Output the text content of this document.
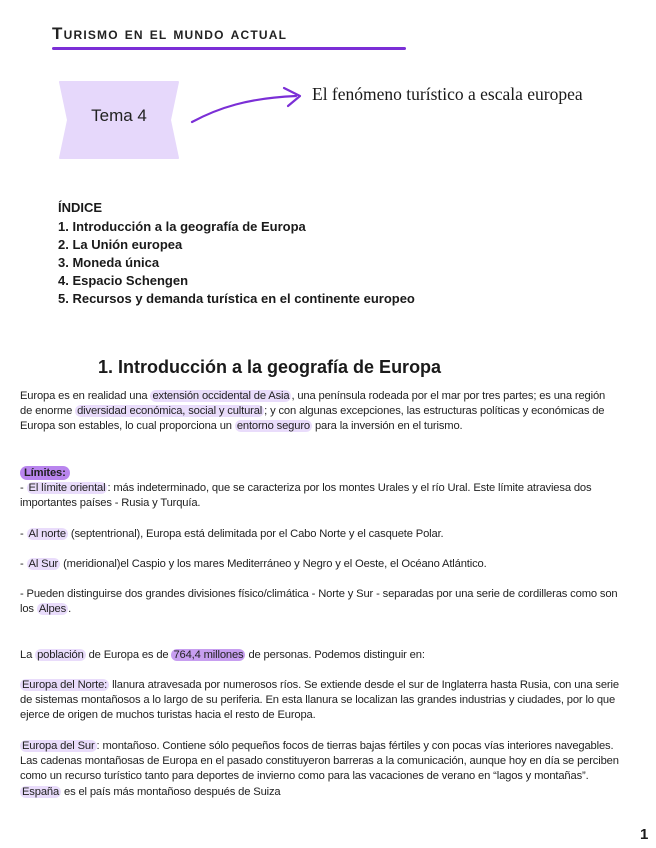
Turismo en el mundo actual
Tema 4
El fenómeno turístico a escala europea
ÍNDICE
1. Introducción a la geografía de Europa
2. La Unión europea
3. Moneda única
4. Espacio Schengen
5. Recursos y demanda turística en el continente europeo
1. Introducción a la geografía de Europa

Europa es en realidad una extensión occidental de Asia , una península rodeada por el mar por tres partes; es una región de enorme diversidad económica, social y cultural ; y con algunas excepciones, las estructuras políticas y económicas de Europa son estables, lo cual proporciona un entorno seguro para la inversión en el turismo.

Límites:
- El límite oriental : más indeterminado, que se caracteriza por los montes Urales y el río Ural. Este límite atraviesa dos importantes países - Rusia y Turquía.

- Al norte (septentrional), Europa está delimitada por el Cabo Norte y el casquete Polar.

- Al Sur (meridional)el Caspio y los mares Mediterráneo y Negro y el Oeste, el Océano Atlántico.

- Pueden distinguirse dos grandes divisiones físico/climática - Norte y Sur - separadas por una serie de cordilleras como son los Alpes .

La población de Europa es de 764,4 millones de personas. Podemos distinguir en:

Europa del Norte: llanura atravesada por numerosos ríos. Se extiende desde el sur de Inglaterra hasta Rusia, con una serie de sistemas montañosos a lo largo de su periferia. En esta llanura se localizan las grandes industrias y ciudades, por lo que ejerce de origen de muchos turistas hacia el resto de Europa.

Europa del Sur : montañoso. Contiene sólo pequeños focos de tierras bajas fértiles y con pocas vías interiores navegables. Las cadenas montañosas de Europa en el pasado constituyeron barreras a la comunicación, aunque hoy en día se perciben como un recurso turístico tanto para deportes de invierno como para las vacaciones de verano en “lagos y montañas”.
España es el país más montañoso después de Suiza

1
